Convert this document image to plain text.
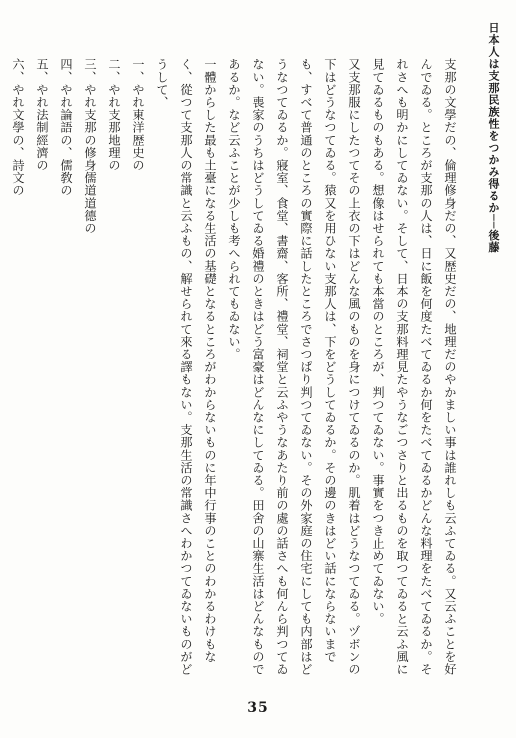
日本人は支那民族性をつかみ得るか──後藤

支那の文學だの、倫理修身だの、又歴史だの、地理だのやかましい事は誰れしも云ふてゐる。又云ふことを好んでゐる。ところが支那の人は、日に飯を何度たべてゐるか何をたべてゐるかどんな料理をたべてゐるか。それさへも明かにしてゐない。そして、日本の支那料理見たやうなごつさりと出るものを取つてゐると云ふ風に見てゐるものもある。想像はせられても本當のところが、判つてゐない。事實をつき止めてゐない。

又支那服にしたつてその上衣の下はどんな風のものを身につけてゐるのか。肌着はどうなつてゐる。ヅボンの下はどうなつてゐる。猿又を用ひない支那人は、下をどうしてゐるか。その邊のきはどい話にならないまでも、すべて普通のところの實際に話したところでさつぱり判つてゐない。その外家庭の住宅にしても内部はどうなつてゐるか。寢室、食堂、書齋、客所、禮堂、祠堂と云ふやうなあたり前の處の話さへも何んら判つてゐない。喪家のうちはどうしてゐる婚禮のときはどう富豪はどんなにしてゐる。田舍の山寨生活はどんなものであるか。など云ふことが少しも考へられてもゐない。

一體からした最も土臺になる生活の基礎となるところがわからないものに年中行事のことのわかるわけもなく、從つて支那人の常識と云ふもの、解せられて來る譯もない。支那生活の常識さへわかつてゐないものがどうして、

一、やれ東洋歴史の

二、やれ支那地理の

三、やれ支那の修身儒道道德の

四、やれ論語の、儒敎の

五、やれ法制經濟の

六、やれ文學の、詩文の

35
